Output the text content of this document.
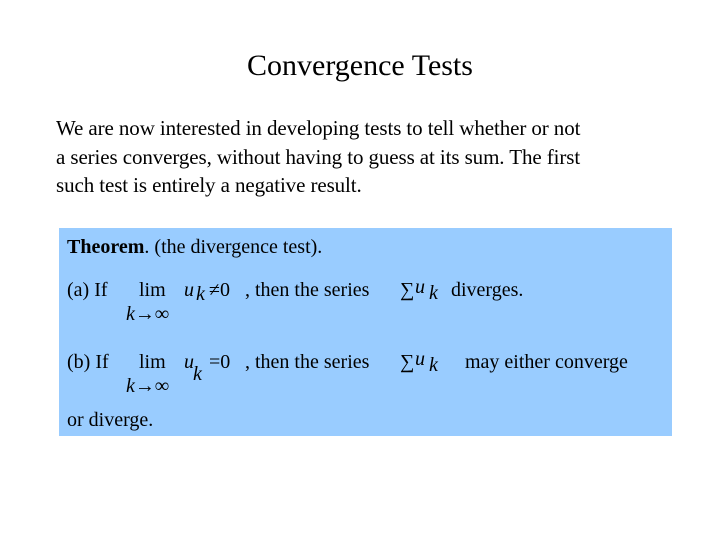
Convergence Tests
We are now interested in developing tests to tell whether or not
a series converges, without having to guess at its sum. The first
such test is entirely a negative result.
Theorem. (the divergence test).
(a) If lim u k ≠0
k→∞
, then the series ∑ u k diverges.
(b) If lim u
k
=0
k→∞
, then the series ∑ u k may either converge
or diverge.
